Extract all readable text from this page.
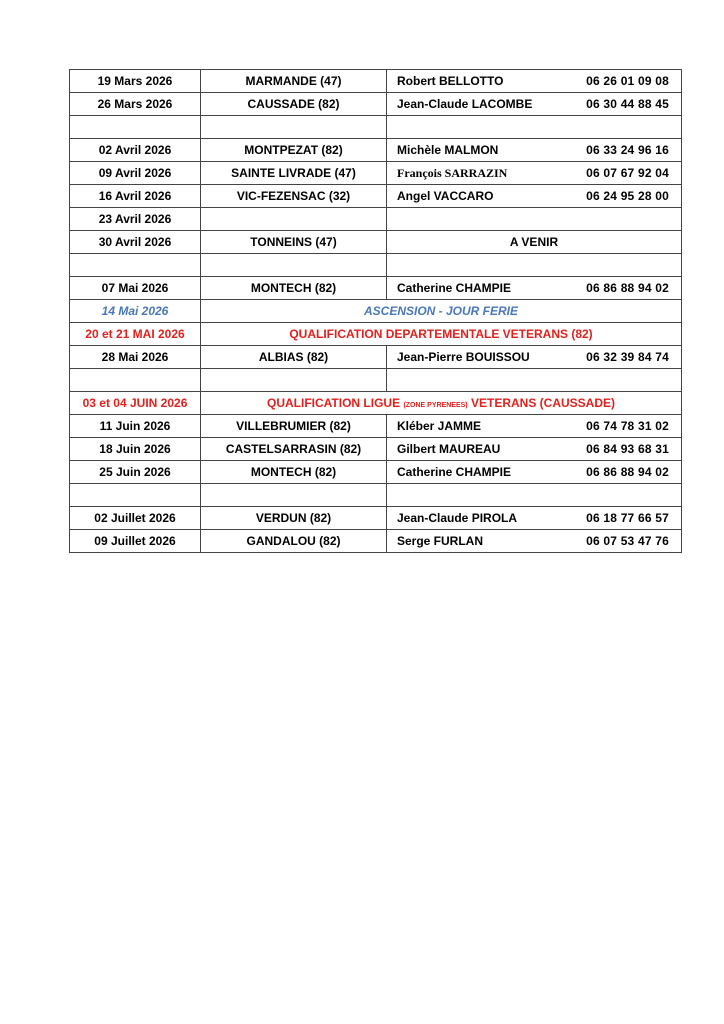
19 Mars 2026	MARMANDE (47)	Robert BELLOTTO 06 26 01 09 08

26 Mars 2026	CAUSSADE (82)	Jean-Claude LACOMBE 06 30 44 88 45

02 Avril 2026	MONTPEZAT (82)	Michèle MALMON 06 33 24 96 16

09 Avril 2026	SAINTE LIVRADE (47)	François SARRAZIN 06 07 67 92 04

16 Avril 2026	VIC-FEZENSAC (32)	Angel VACCARO 06 24 95 28 00

23 Avril 2026		
30 Avril 2026	TONNEINS (47)	A VENIR

07 Mai 2026	MONTECH (82)	Catherine CHAMPIE 06 86 88 94 02

14 Mai 2026	ASCENSION - JOUR FERIE	
20 et 21 MAI 2026	QUALIFICATION DEPARTEMENTALE VETERANS (82)	
28 Mai 2026	ALBIAS (82)	Jean-Pierre BOUISSOU 06 32 39 84 74

03 et 04 JUIN 2026	QUALIFICATION LIGUE (ZONE PYRENEES) VETERANS (CAUSSADE)	
11 Juin 2026	VILLEBRUMIER (82)	Kléber JAMME 06 74 78 31 02

18 Juin 2026	CASTELSARRASIN (82)	Gilbert MAUREAU 06 84 93 68 31

25 Juin 2026	MONTECH (82)	Catherine CHAMPIE 06 86 88 94 02

02 Juillet 2026	VERDUN (82)	Jean-Claude PIROLA 06 18 77 66 57

09 Juillet 2026	GANDALOU (82)	Serge FURLAN 06 07 53 47 76
